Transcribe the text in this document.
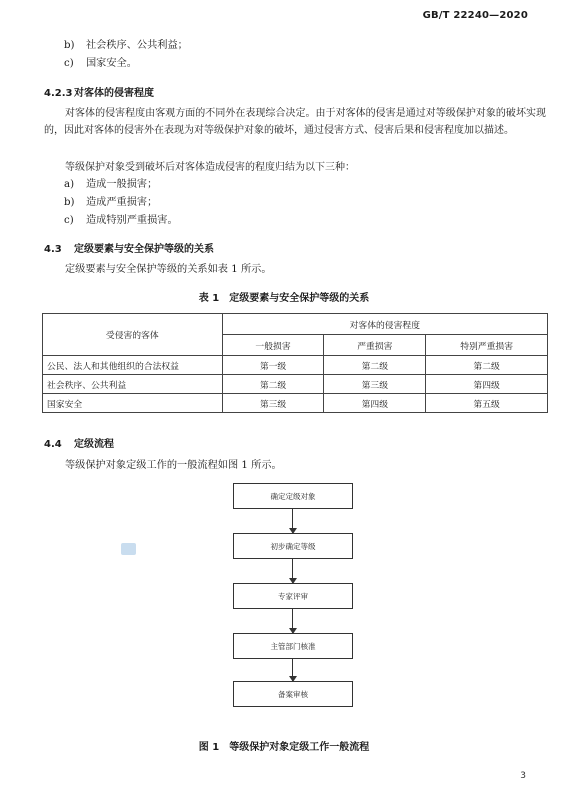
GB/T 22240—2020
b) 社会秩序、公共利益；
c) 国家安全。
4.2.3 对客体的侵害程度
对客体的侵害程度由客观方面的不同外在表现综合决定。由于对客体的侵害是通过对等级保护对象的破坏实现的，因此对客体的侵害外在表现为对等级保护对象的破坏，通过侵害方式、侵害后果和侵害程度加以描述。
等级保护对象受到破坏后对客体造成侵害的程度归结为以下三种：
a) 造成一般损害；
b) 造成严重损害；
c) 造成特别严重损害。
4.3 定级要素与安全保护等级的关系
定级要素与安全保护等级的关系如表 1 所示。
表 1　定级要素与安全保护等级的关系
受侵害的客体	对客体的侵害程度		
	一般损害	严重损害	特别严重损害
公民、法人和其他组织的合法权益	第一级	第二级	第二级
社会秩序、公共利益	第二级	第三级	第四级
国家安全	第三级	第四级	第五级
4.4 定级流程
等级保护对象定级工作的一般流程如图 1 所示。
确定定级对象
初步确定等级
专家评审
主管部门核准
备案审核
图 1　等级保护对象定级工作一般流程
3
